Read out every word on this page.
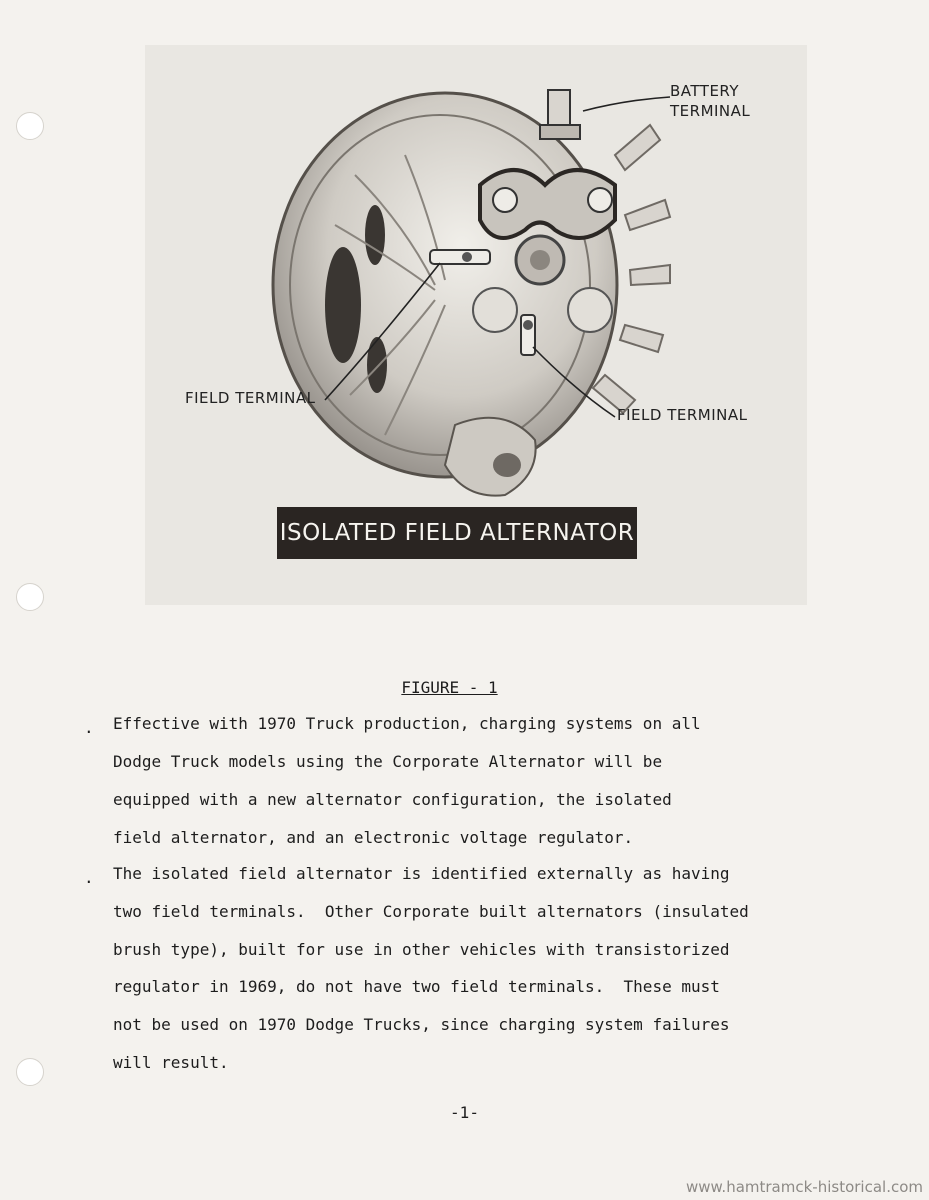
BATTERY
TERMINAL
FIELD TERMINAL
FIELD TERMINAL
ISOLATED FIELD ALTERNATOR
FIGURE - 1
. Effective with 1970 Truck production, charging systems on all
Dodge Truck models using the Corporate Alternator will be
equipped with a new alternator configuration, the isolated
field alternator, and an electronic voltage regulator.
. The isolated field alternator is identified externally as having
two field terminals.  Other Corporate built alternators (insulated
brush type), built for use in other vehicles with transistorized
regulator in 1969, do not have two field terminals.  These must
not be used on 1970 Dodge Trucks, since charging system failures
will result.
-1-
www.hamtramck-historical.com
